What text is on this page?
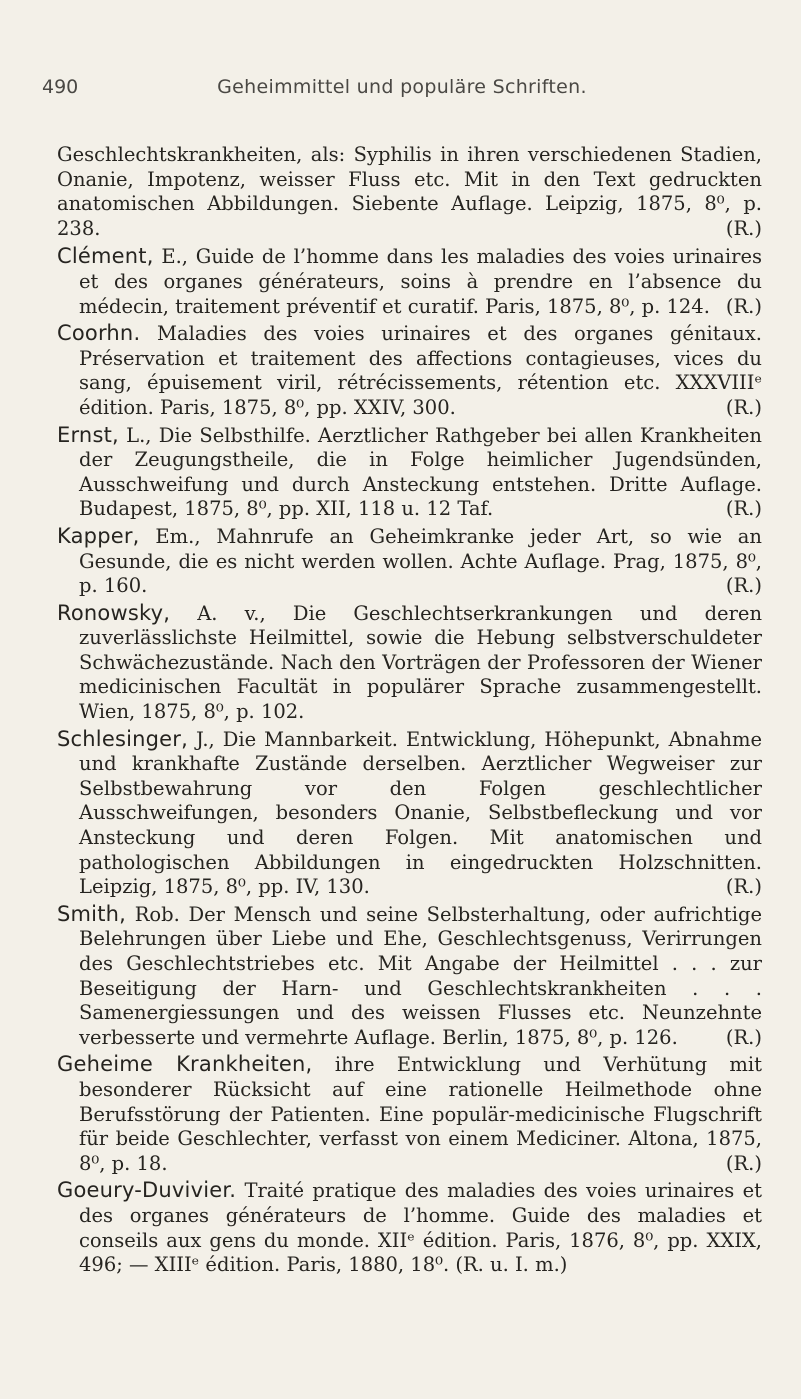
490	Geheimmittel und populäre Schriften.

Geschlechtskrankheiten, als: Syphilis in ihren verschiedenen Stadien, Onanie, Impotenz, weisser Fluss etc. Mit in den Text gedruckten anatomischen Abbildungen. Siebente Auflage. Leipzig, 1875, 8⁰, p. 238.	(R.)

Clément, E., Guide de l’homme dans les maladies des voies urinaires et des organes générateurs, soins à prendre en l’absence du médecin, traitement préventif et curatif. Paris, 1875, 8⁰, p. 124. (R.)

Coorhn. Maladies des voies urinaires et des organes génitaux. Préservation et traitement des affections contagieuses, vices du sang, épuisement viril, rétrécissements, rétention etc. XXXVIIIᵉ édition. Paris, 1875, 8⁰, pp. XXIV, 300.	(R.)

Ernst, L., Die Selbsthilfe. Aerztlicher Rathgeber bei allen Krankheiten der Zeugungstheile, die in Folge heimlicher Jugendsünden, Ausschweifung und durch Ansteckung entstehen. Dritte Auflage. Budapest, 1875, 8⁰, pp. XII, 118 u. 12 Taf.	(R.)

Kapper, Em., Mahnrufe an Geheimkranke jeder Art, so wie an Gesunde, die es nicht werden wollen. Achte Auflage. Prag, 1875, 8⁰, p. 160.	(R.)

Ronowsky, A. v., Die Geschlechtserkrankungen und deren zuverlässlichste Heilmittel, sowie die Hebung selbstverschuldeter Schwächezustände. Nach den Vorträgen der Professoren der Wiener medicinischen Facultät in populärer Sprache zusammengestellt. Wien, 1875, 8⁰, p. 102.

Schlesinger, J., Die Mannbarkeit. Entwicklung, Höhepunkt, Abnahme und krankhafte Zustände derselben. Aerztlicher Wegweiser zur Selbstbewahrung vor den Folgen geschlechtlicher Ausschweifungen, besonders Onanie, Selbstbefleckung und vor Ansteckung und deren Folgen. Mit anatomischen und pathologischen Abbildungen in eingedruckten Holzschnitten. Leipzig, 1875, 8⁰, pp. IV, 130.	(R.)

Smith, Rob. Der Mensch und seine Selbsterhaltung, oder aufrichtige Belehrungen über Liebe und Ehe, Geschlechtsgenuss, Verirrungen des Geschlechtstriebes etc. Mit Angabe der Heilmittel . . . zur Beseitigung der Harn- und Geschlechtskrankheiten . . . Samenergiessungen und des weissen Flusses etc. Neunzehnte verbesserte und vermehrte Auflage. Berlin, 1875, 8⁰, p. 126. (R.)

Geheime Krankheiten, ihre Entwicklung und Verhütung mit besonderer Rücksicht auf eine rationelle Heilmethode ohne Berufsstörung der Patienten. Eine populär-medicinische Flugschrift für beide Geschlechter, verfasst von einem Mediciner. Altona, 1875, 8⁰, p. 18.	(R.)

Goeury-Duvivier. Traité pratique des maladies des voies urinaires et des organes générateurs de l’homme. Guide des maladies et conseils aux gens du monde. XIIᵉ édition. Paris, 1876, 8⁰, pp. XXIX, 496; — XIIIᵉ édition. Paris, 1880, 18⁰. (R. u. I. m.)
